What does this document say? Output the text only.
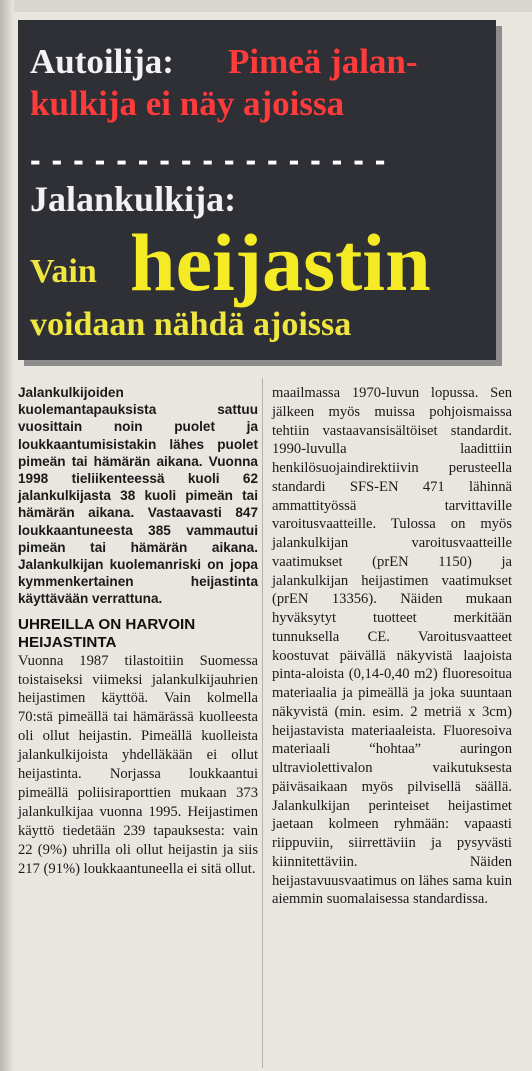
Autoilija: Pimeä jalan-
kulkija ei näy ajoissa
- - - - - - - - - - - - - - - - -
Jalankulkija:
Vain heijastin
voidaan nähdä ajoissa

Jalankulkijoiden kuolemantapauksista sattuu vuosittain noin puolet ja loukkaantumisistakin lähes puolet pimeän tai hämärän aikana. Vuonna 1998 tieliikenteessä kuoli 62 jalankulkijasta 38 kuoli pimeän tai hämärän aikana. Vastaavasti 847 loukkaantuneesta 385 vammautui pimeän tai hämärän aikana. Jalankulkijan kuolemanriski on jopa kymmenkertainen heijastinta käyttävään verrattuna.

UHREILLA ON HARVOIN HEIJASTINTA

Vuonna 1987 tilastoitiin Suomessa toistaiseksi viimeksi jalankulkijauhrien heijastimen käyttöä. Vain kolmella 70:stä pimeällä tai hämärässä kuolleesta oli ollut heijastin. Pimeällä kuolleista jalankulkijoista yhdelläkään ei ollut heijastinta. Norjassa loukkaantui pimeällä poliisiraporttien mukaan 373 jalankulkijaa vuonna 1995. Heijastimen käyttö tiedetään 239 tapauksesta: vain 22 (9%) uhrilla oli ollut heijastin ja siis 217 (91%) loukkaantuneella ei sitä ollut.

maailmassa 1970-luvun lopussa. Sen jälkeen myös muissa pohjoismaissa tehtiin vastaavansisältöiset standardit. 1990-luvulla laadittiin henkilösuojaindirektiivin perusteella standardi SFS-EN 471 lähinnä ammattityössä tarvittaville varoitusvaatteille. Tulossa on myös jalankulkijan varoitusvaatteille vaatimukset (prEN 1150) ja jalankulkijan heijastimen vaatimukset (prEN 13356). Näiden mukaan hyväksytyt tuotteet merkitään tunnuksella CE. Varoitusvaatteet koostuvat päivällä näkyvistä laajoista pinta-aloista (0,14-0,40 m2) fluoresoitua materiaalia ja pimeällä ja joka suuntaan näkyvistä (min. esim. 2 metriä x 3cm) heijastavista materiaaleista. Fluoresoiva materiaali “hohtaa” auringon ultraviolettivalon vaikutuksesta päiväsaikaan myös pilvisellä säällä. Jalankulkijan perinteiset heijastimet jaetaan kolmeen ryhmään: vapaasti riippuviin, siirrettäviin ja pysyvästi kiinnitettäviin. Näiden heijastavuusvaatimus on lähes sama kuin aiemmin suomalaisessa standardissa.
